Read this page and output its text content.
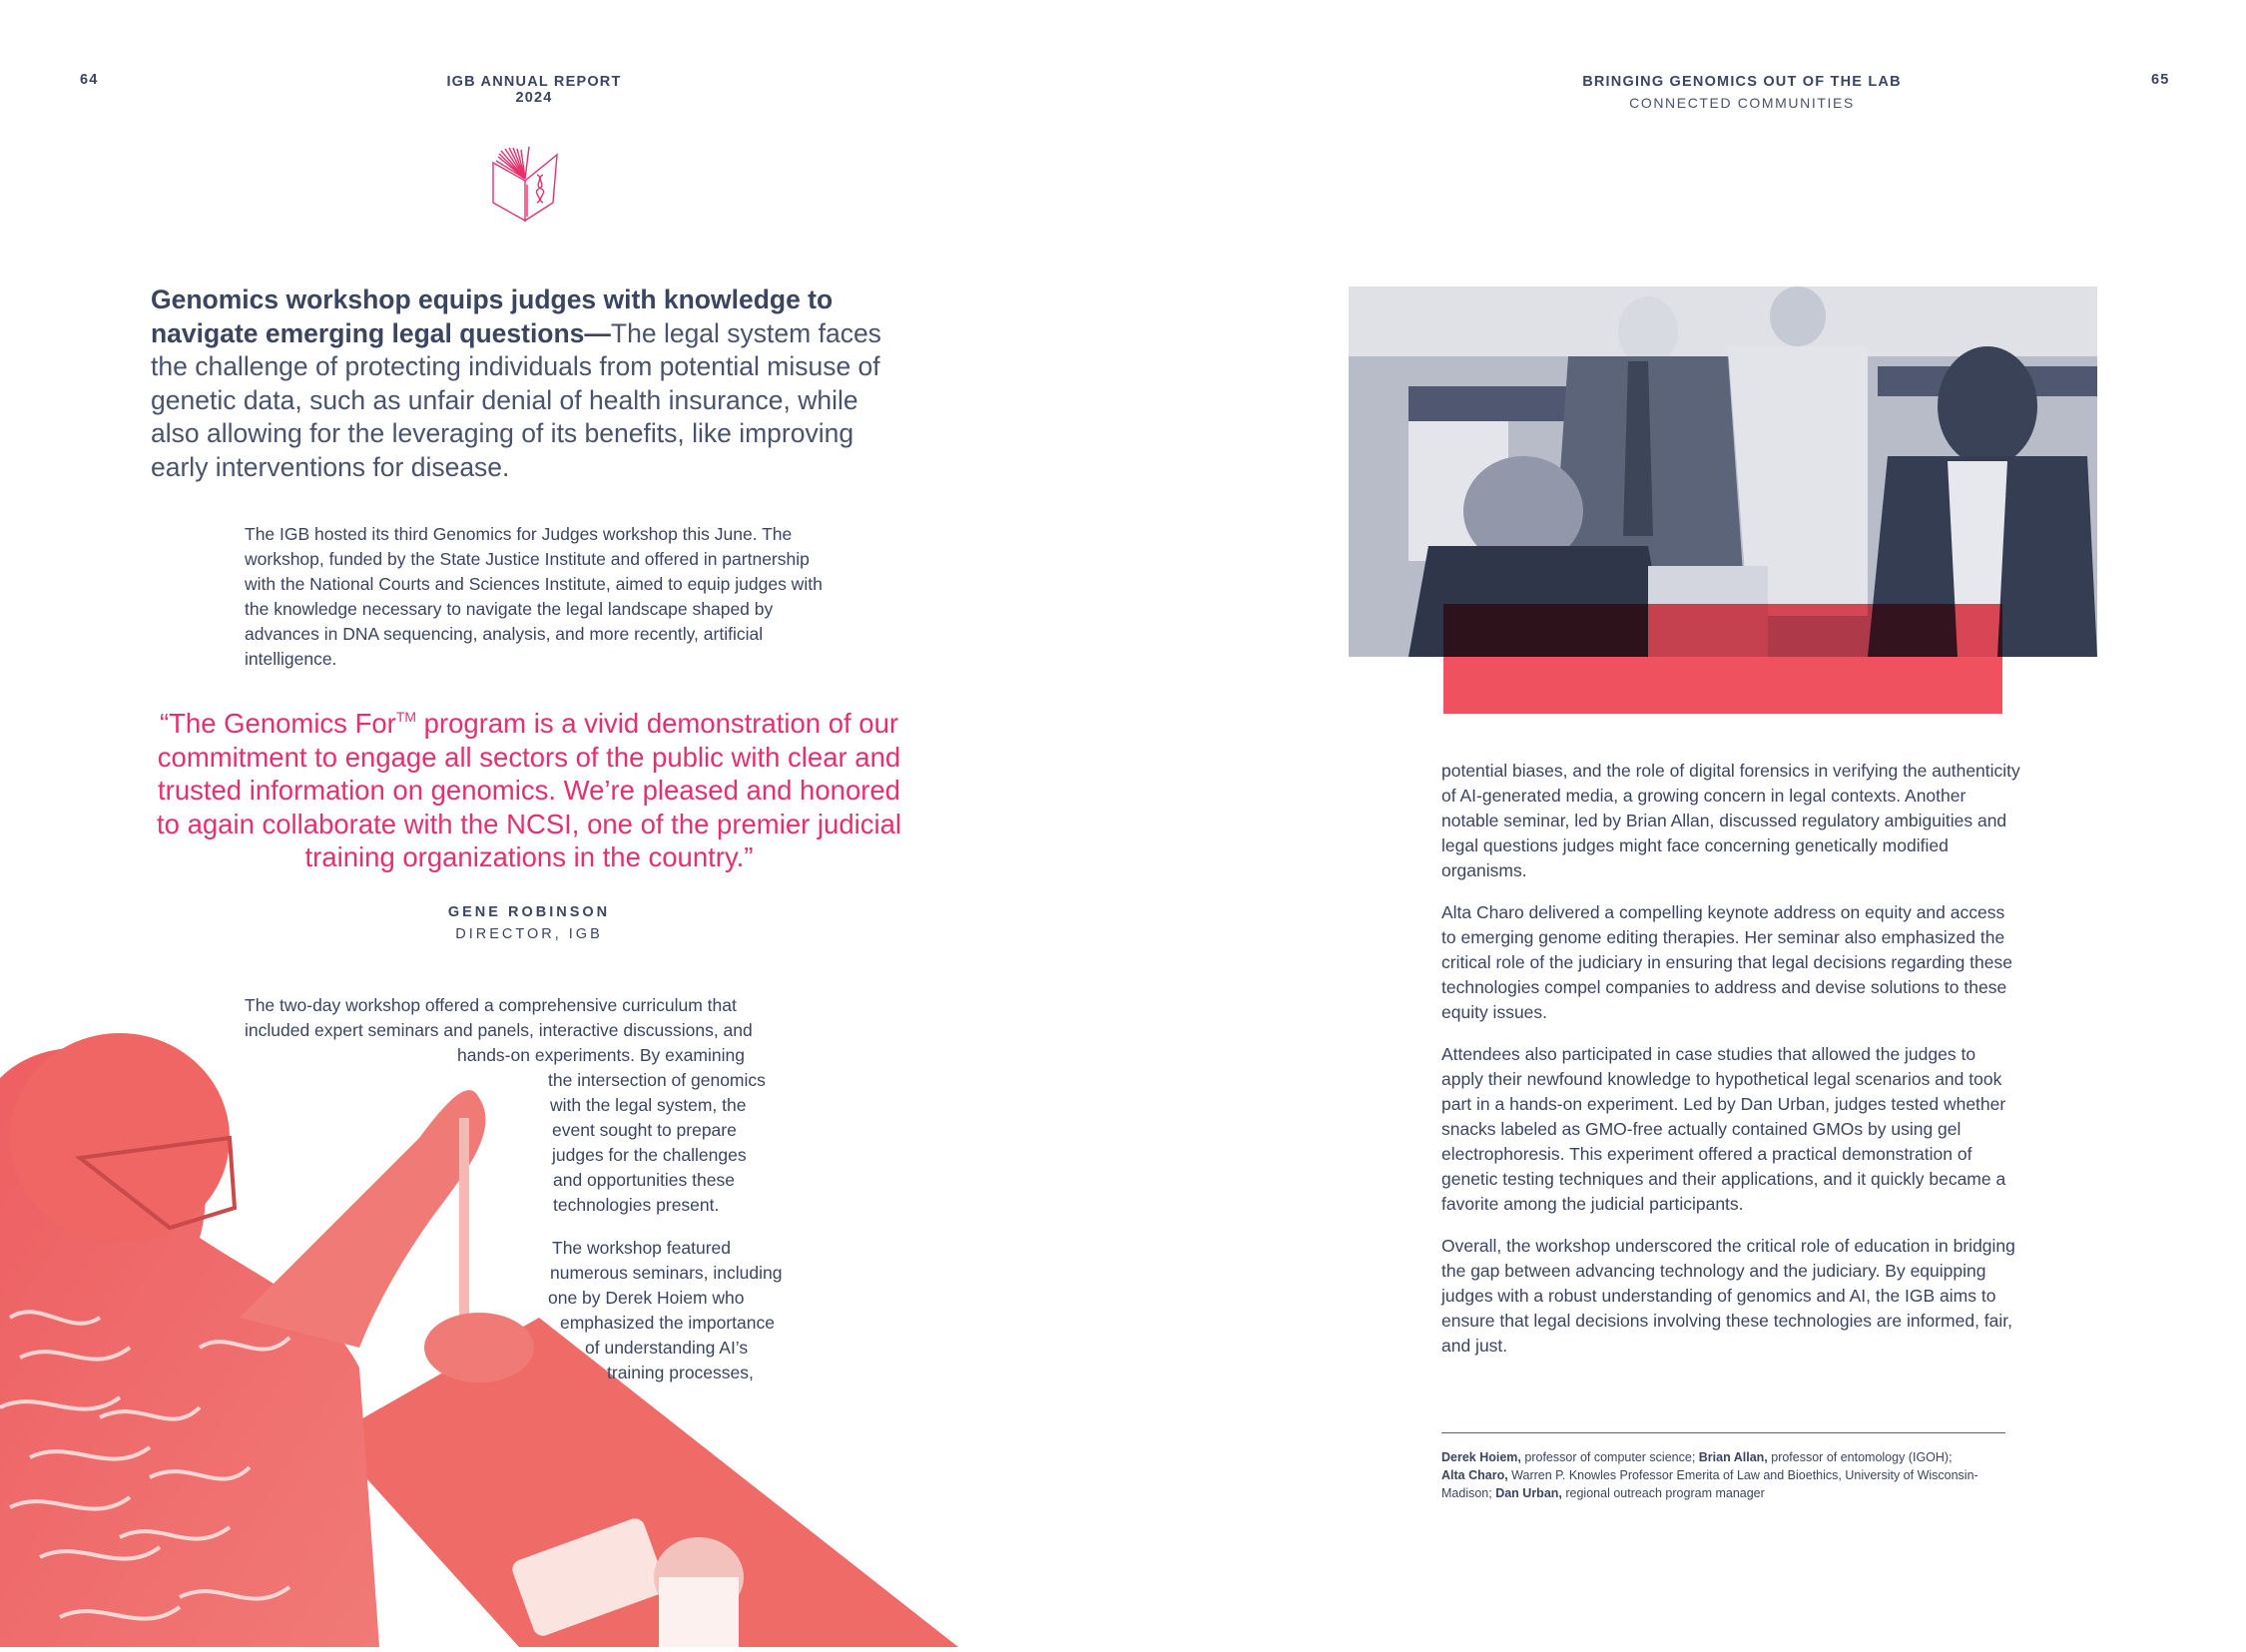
64	IGB ANNUAL REPORT 2024
Genomics workshop equips judges with knowledge to navigate emerging legal questions—The legal system faces the challenge of protecting individuals from potential misuse of genetic data, such as unfair denial of health insurance, while also allowing for the leveraging of its benefits, like improving early interventions for disease.
The IGB hosted its third Genomics for Judges workshop this June. The workshop, funded by the State Justice Institute and offered in partnership with the National Courts and Sciences Institute, aimed to equip judges with the knowledge necessary to navigate the legal landscape shaped by advances in DNA sequencing, analysis, and more recently, artificial intelligence.
“The Genomics For™ program is a vivid demonstration of our commitment to engage all sectors of the public with clear and trusted information on genomics. We’re pleased and honored to again collaborate with the NCSI, one of the premier judicial training organizations in the country.”
GENE ROBINSON
DIRECTOR, IGB
The two-day workshop offered a comprehensive curriculum that
included expert seminars and panels, interactive discussions, and
hands-on experiments. By examining
the intersection of genomics
with the legal system, the
event sought to prepare
judges for the challenges
and opportunities these
technologies present.
The workshop featured
numerous seminars, including
one by Derek Hoiem who
emphasized the importance
of understanding AI’s
training processes,
BRINGING GENOMICS OUT OF THE LAB
CONNECTED COMMUNITIES
65

potential biases, and the role of digital forensics in verifying the authenticity of AI-generated media, a growing concern in legal contexts. Another notable seminar, led by Brian Allan, discussed regulatory ambiguities and legal questions judges might face concerning genetically modified organisms.

Alta Charo delivered a compelling keynote address on equity and access to emerging genome editing therapies. Her seminar also emphasized the critical role of the judiciary in ensuring that legal decisions regarding these technologies compel companies to address and devise solutions to these equity issues.

Attendees also participated in case studies that allowed the judges to apply their newfound knowledge to hypothetical legal scenarios and took part in a hands-on experiment. Led by Dan Urban, judges tested whether snacks labeled as GMO-free actually contained GMOs by using gel electrophoresis. This experiment offered a practical demonstration of genetic testing techniques and their applications, and it quickly became a favorite among the judicial participants.

Overall, the workshop underscored the critical role of education in bridging the gap between advancing technology and the judiciary. By equipping judges with a robust understanding of genomics and AI, the IGB aims to ensure that legal decisions involving these technologies are informed, fair, and just.

Derek Hoiem, professor of computer science; Brian Allan, professor of entomology (IGOH);
Alta Charo, Warren P. Knowles Professor Emerita of Law and Bioethics, University of Wisconsin-Madison; Dan Urban, regional outreach program manager
